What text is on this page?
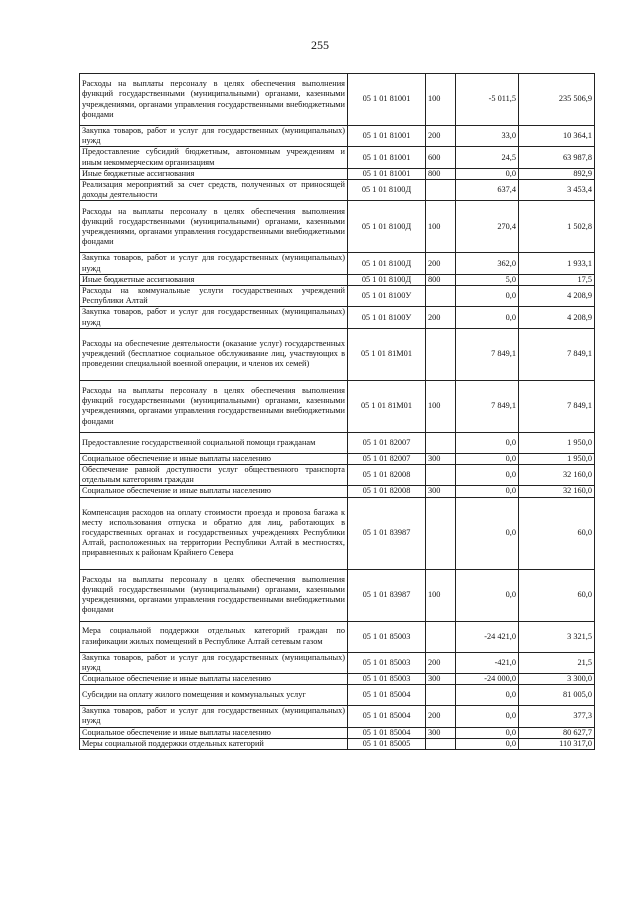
255
Расходы на выплаты персоналу в целях обеспечения выполнения функций государственными (муниципальными) органами, казенными учреждениями, органами управления государственными внебюджетными фондами	05 1 01 81001	100	-5 011,5	235 506,9
Закупка товаров, работ и услуг для государственных (муниципальных) нужд	05 1 01 81001	200	33,0	10 364,1
Предоставление субсидий бюджетным, автономным учреждениям и иным некоммерческим организациям	05 1 01 81001	600	24,5	63 987,8
Иные бюджетные ассигнования	05 1 01 81001	800	0,0	892,9
Реализация мероприятий за счет средств, полученных от приносящей доходы деятельности	05 1 01 8100Д		637,4	3 453,4
Расходы на выплаты персоналу в целях обеспечения выполнения функций государственными (муниципальными) органами, казенными учреждениями, органами управления государственными внебюджетными фондами	05 1 01 8100Д	100	270,4	1 502,8
Закупка товаров, работ и услуг для государственных (муниципальных) нужд	05 1 01 8100Д	200	362,0	1 933,1
Иные бюджетные ассигнования	05 1 01 8100Д	800	5,0	17,5
Расходы на коммунальные услуги государственных учреждений Республики Алтай	05 1 01 8100У		0,0	4 208,9
Закупка товаров, работ и услуг для государственных (муниципальных) нужд	05 1 01 8100У	200	0,0	4 208,9
Расходы на обеспечение деятельности (оказание услуг) государственных учреждений (бесплатное социальное обслуживание лиц, участвующих в проведении специальной военной операции, и членов их семей)	05 1 01 81М01		7 849,1	7 849,1
Расходы на выплаты персоналу в целях обеспечения выполнения функций государственными (муниципальными) органами, казенными учреждениями, органами управления государственными внебюджетными фондами	05 1 01 81М01	100	7 849,1	7 849,1
Предоставление государственной социальной помощи гражданам	05 1 01 82007		0,0	1 950,0
Социальное обеспечение и иные выплаты населению	05 1 01 82007	300	0,0	1 950,0
Обеспечение равной доступности услуг общественного транспорта отдельным категориям граждан	05 1 01 82008		0,0	32 160,0
Социальное обеспечение и иные выплаты населению	05 1 01 82008	300	0,0	32 160,0
Компенсация расходов на оплату стоимости проезда и провоза багажа к месту использования отпуска и обратно для лиц, работающих в государственных органах и государственных учреждениях Республики Алтай, расположенных на территории Республики Алтай в местностях, приравненных к районам Крайнего Севера	05 1 01 83987		0,0	60,0
Расходы на выплаты персоналу в целях обеспечения выполнения функций государственными (муниципальными) органами, казенными учреждениями, органами управления государственными внебюджетными фондами	05 1 01 83987	100	0,0	60,0
Мера социальной поддержки отдельных категорий граждан по газификации жилых помещений в Республике Алтай сетевым газом	05 1 01 85003		-24 421,0	3 321,5
Закупка товаров, работ и услуг для государственных (муниципальных) нужд	05 1 01 85003	200	-421,0	21,5
Социальное обеспечение и иные выплаты населению	05 1 01 85003	300	-24 000,0	3 300,0
Субсидии на оплату жилого помещения и коммунальных услуг	05 1 01 85004		0,0	81 005,0
Закупка товаров, работ и услуг для государственных (муниципальных) нужд	05 1 01 85004	200	0,0	377,3
Социальное обеспечение и иные выплаты населению	05 1 01 85004	300	0,0	80 627,7
Меры социальной поддержки отдельных категорий	05 1 01 85005		0,0	110 317,0
